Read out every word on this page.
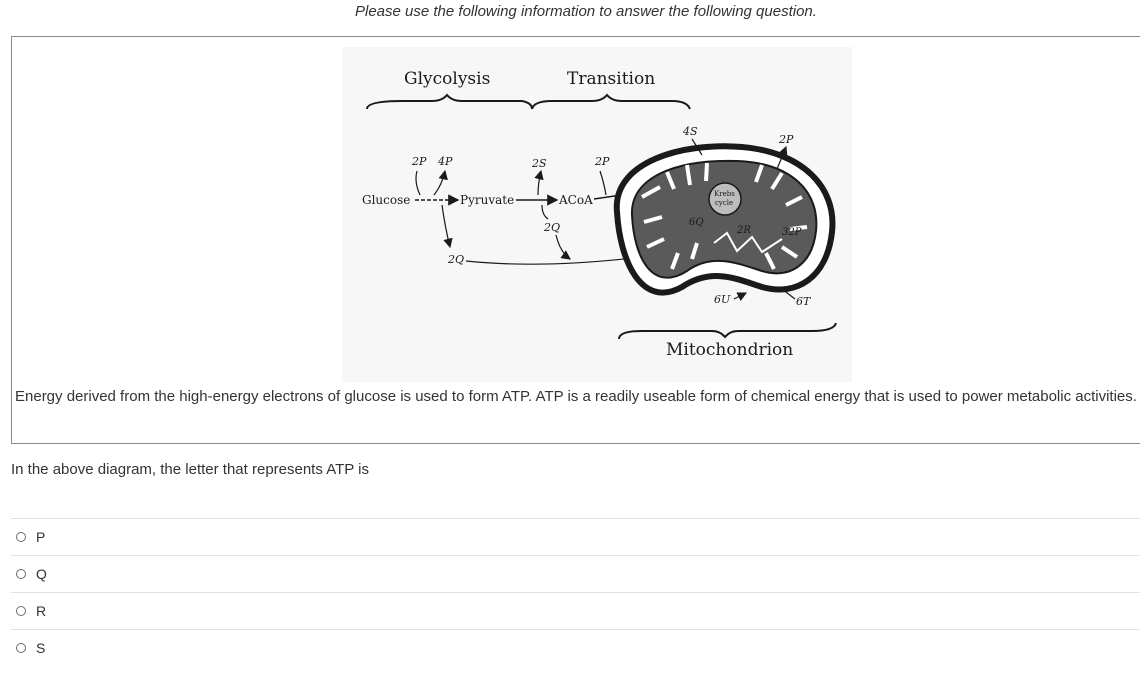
Please use the following information to answer the following question.
Glycolysis	Transition
2P 4P	2S	2P
Glucose	Pyruvate	ACoA
2Q
2Q
Krebs
cycle
4S
2P
6Q
2R	32P
6U	6T
Mitochondrion
Energy derived from the high-energy electrons of glucose is used to form ATP. ATP is a readily useable form of chemical energy that is used to power metabolic activities.
In the above diagram, the letter that represents ATP is
P
Q
R
S
